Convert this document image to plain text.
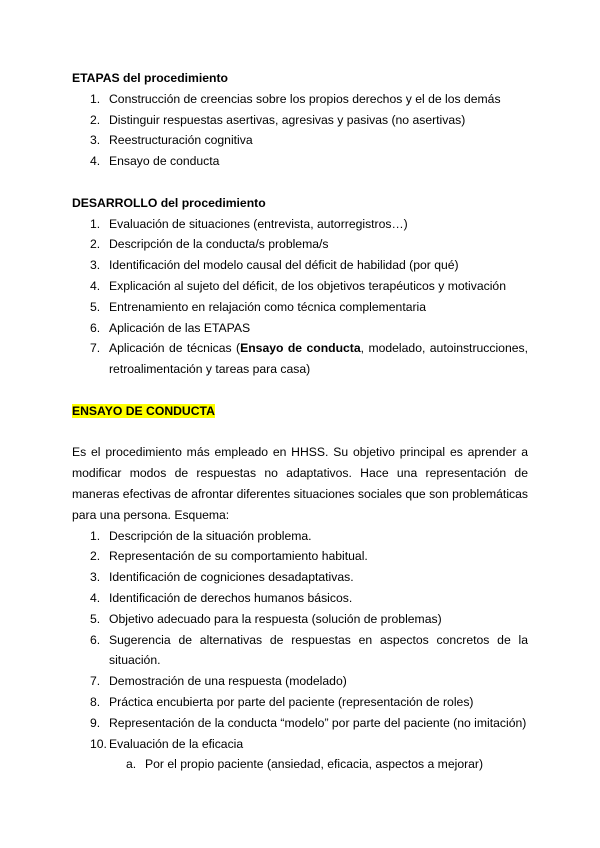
ETAPAS del procedimiento
1. Construcción de creencias sobre los propios derechos y el de los demás
2. Distinguir respuestas asertivas, agresivas y pasivas (no asertivas)
3. Reestructuración cognitiva
4. Ensayo de conducta
DESARROLLO del procedimiento
1. Evaluación de situaciones (entrevista, autorregistros…)
2. Descripción de la conducta/s problema/s
3. Identificación del modelo causal del déficit de habilidad (por qué)
4. Explicación al sujeto del déficit, de los objetivos terapéuticos y motivación
5. Entrenamiento en relajación como técnica complementaria
6. Aplicación de las ETAPAS
7. Aplicación de técnicas (Ensayo de conducta, modelado, autoinstrucciones, retroalimentación y tareas para casa)
ENSAYO DE CONDUCTA

Es el procedimiento más empleado en HHSS. Su objetivo principal es aprender a modificar modos de respuestas no adaptativos. Hace una representación de maneras efectivas de afrontar diferentes situaciones sociales que son problemáticas para una persona. Esquema:

1. Descripción de la situación problema.
2. Representación de su comportamiento habitual.
3. Identificación de cogniciones desadaptativas.
4. Identificación de derechos humanos básicos.
5. Objetivo adecuado para la respuesta (solución de problemas)
6. Sugerencia de alternativas de respuestas en aspectos concretos de la situación.
7. Demostración de una respuesta (modelado)
8. Práctica encubierta por parte del paciente (representación de roles)
9. Representación de la conducta “modelo” por parte del paciente (no imitación)
10. Evaluación de la eficacia
a. Por el propio paciente (ansiedad, eficacia, aspectos a mejorar)
